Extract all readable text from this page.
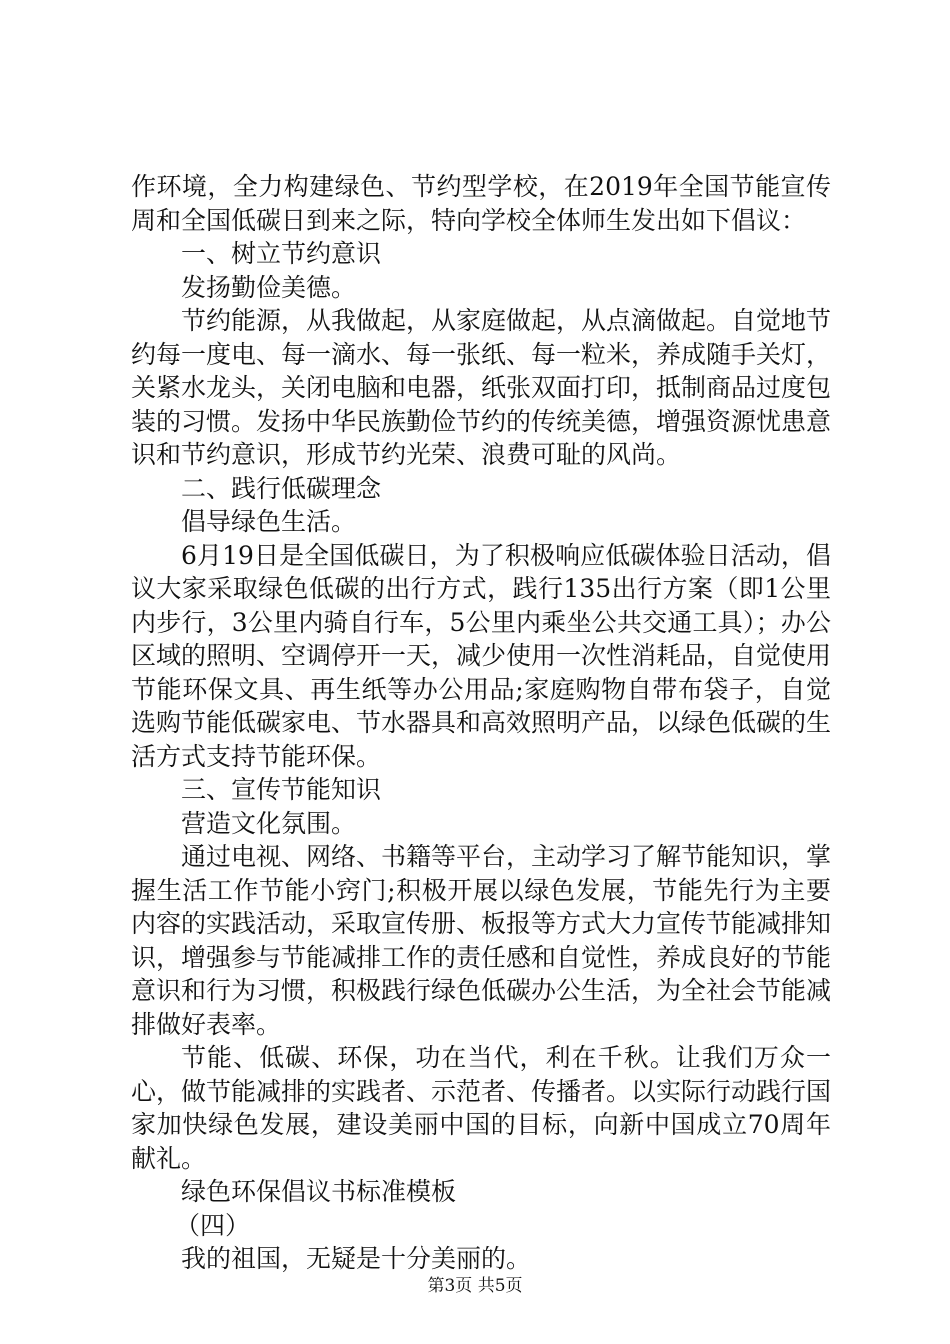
作环境，全力构建绿色、节约型学校，在2019年全国节能宣传周和全国低碳日到来之际，特向学校全体师生发出如下倡议：

一、树立节约意识

发扬勤俭美德。

节约能源，从我做起，从家庭做起，从点滴做起。自觉地节约每一度电、每一滴水、每一张纸、每一粒米，养成随手关灯，关紧水龙头，关闭电脑和电器，纸张双面打印，抵制商品过度包装的习惯。发扬中华民族勤俭节约的传统美德，增强资源忧患意识和节约意识，形成节约光荣、浪费可耻的风尚。

二、践行低碳理念

倡导绿色生活。

6月19日是全国低碳日，为了积极响应低碳体验日活动，倡议大家采取绿色低碳的出行方式，践行135出行方案（即1公里内步行，3公里内骑自行车，5公里内乘坐公共交通工具）；办公区域的照明、空调停开一天，减少使用一次性消耗品，自觉使用节能环保文具、再生纸等办公用品;家庭购物自带布袋子，自觉选购节能低碳家电、节水器具和高效照明产品，以绿色低碳的生活方式支持节能环保。

三、宣传节能知识

营造文化氛围。

通过电视、网络、书籍等平台，主动学习了解节能知识，掌握生活工作节能小窍门;积极开展以绿色发展，节能先行为主要内容的实践活动，采取宣传册、板报等方式大力宣传节能减排知识，增强参与节能减排工作的责任感和自觉性，养成良好的节能意识和行为习惯，积极践行绿色低碳办公生活，为全社会节能减排做好表率。

节能、低碳、环保，功在当代，利在千秋。让我们万众一心，做节能减排的实践者、示范者、传播者。以实际行动践行国家加快绿色发展，建设美丽中国的目标，向新中国成立70周年献礼。

绿色环保倡议书标准模板

（四）

我的祖国，无疑是十分美丽的。

第3页 共5页
